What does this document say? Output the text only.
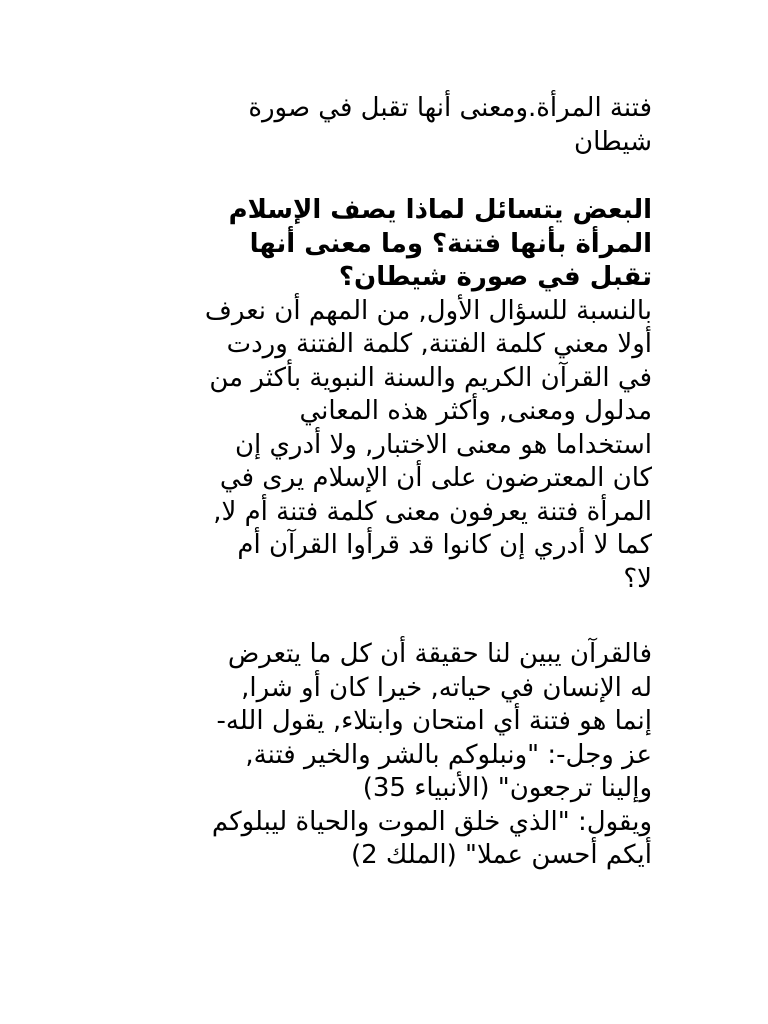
فتنة المرأة.ومعنى أنها تقبل في صورة
شيطان
البعض يتسائل لماذا يصف الإسلام
المرأة بأنها فتنة؟ وما معنى أنها
تقبل في صورة شيطان؟
بالنسبة للسؤال الأول, من المهم أن نعرف
أولا معني كلمة الفتنة, كلمة الفتنة وردت
في القرآن الكريم والسنة النبوية بأكثر من
مدلول ومعنى, وأكثر هذه المعاني
استخداما هو معنى الاختبار, ولا أدري إن
كان المعترضون على أن الإسلام يرى في
المرأة فتنة يعرفون معنى كلمة فتنة أم لا,
كما لا أدري إن كانوا قد قرأوا القرآن أم
لا؟
فالقرآن يبين لنا حقيقة أن كل ما يتعرض
له الإنسان في حياته, خيرا كان أو شرا,
إنما هو فتنة أي امتحان وابتلاء, يقول الله-
عز وجل-: "ونبلوكم بالشر والخير فتنة,
وإلينا ترجعون" (الأنبياء 35)
ويقول: "الذي خلق الموت والحياة ليبلوكم
أيكم أحسن عملا" (الملك 2)
